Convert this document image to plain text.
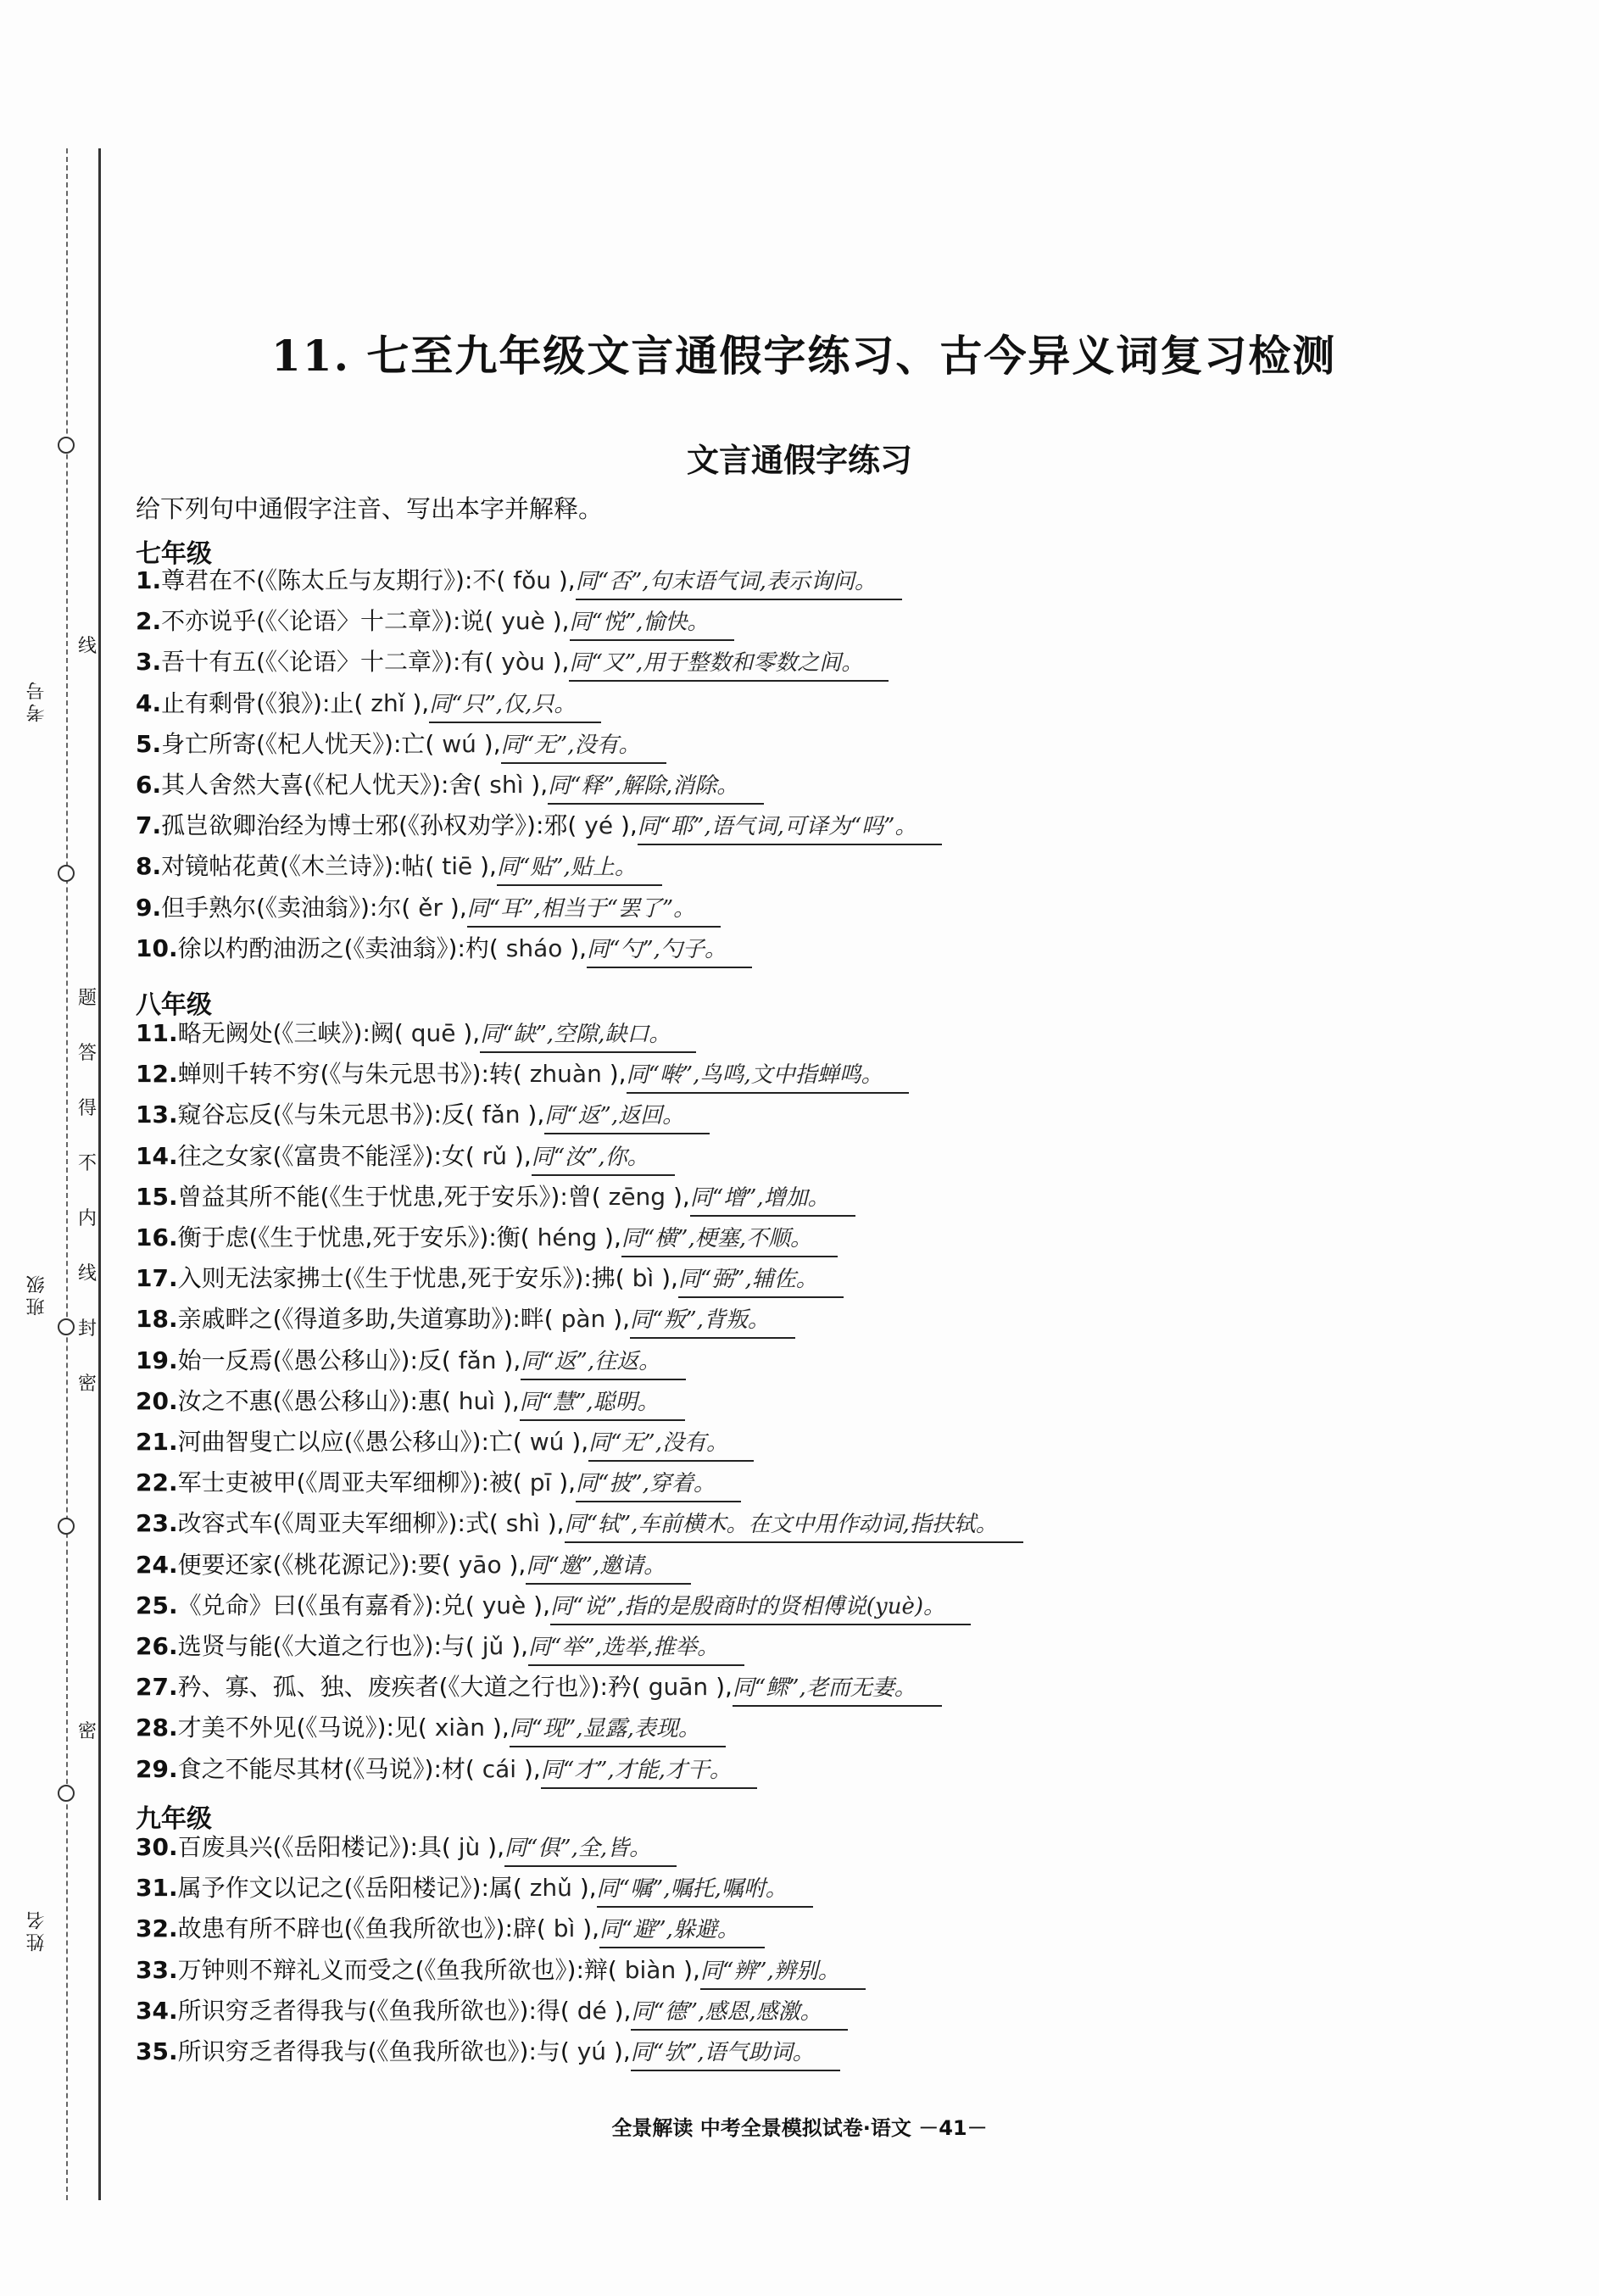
考号
班级
姓名
线
题
答
得
不
内
线
封
密
密
11. 七至九年级文言通假字练习、古今异义词复习检测
文言通假字练习
给下列句中通假字注音、写出本字并解释。
七年级
八年级
九年级
1.尊君在不(《陈太丘与友期行》):不( fǒu ),同“否”,句末语气词,表示询问。
2.不亦说乎(《〈论语〉十二章》):说( yuè ),同“悦”,愉快。
3.吾十有五(《〈论语〉十二章》):有( yòu ),同“又”,用于整数和零数之间。
4.止有剩骨(《狼》):止( zhǐ ),同“只”,仅,只。
5.身亡所寄(《杞人忧天》):亡( wú ),同“无”,没有。
6.其人舍然大喜(《杞人忧天》):舍( shì ),同“释”,解除,消除。
7.孤岂欲卿治经为博士邪(《孙权劝学》):邪( yé ),同“耶”,语气词,可译为“吗”。
8.对镜帖花黄(《木兰诗》):帖( tiē ),同“贴”,贴上。
9.但手熟尔(《卖油翁》):尔( ěr ),同“耳”,相当于“罢了”。
10.徐以杓酌油沥之(《卖油翁》):杓( sháo ),同“勺”,勺子。
11.略无阙处(《三峡》):阙( quē ),同“缺”,空隙,缺口。
12.蝉则千转不穷(《与朱元思书》):转( zhuàn ),同“啭”,鸟鸣,文中指蝉鸣。
13.窥谷忘反(《与朱元思书》):反( fǎn ),同“返”,返回。
14.往之女家(《富贵不能淫》):女( rǔ ),同“汝”,你。
15.曾益其所不能(《生于忧患,死于安乐》):曾( zēng ),同“增”,增加。
16.衡于虑(《生于忧患,死于安乐》):衡( héng ),同“横”,梗塞,不顺。
17.入则无法家拂士(《生于忧患,死于安乐》):拂( bì ),同“弼”,辅佐。
18.亲戚畔之(《得道多助,失道寡助》):畔( pàn ),同“叛”,背叛。
19.始一反焉(《愚公移山》):反( fǎn ),同“返”,往返。
20.汝之不惠(《愚公移山》):惠( huì ),同“慧”,聪明。
21.河曲智叟亡以应(《愚公移山》):亡( wú ),同“无”,没有。
22.军士吏被甲(《周亚夫军细柳》):被( pī ),同“披”,穿着。
23.改容式车(《周亚夫军细柳》):式( shì ),同“轼”,车前横木。在文中用作动词,指扶轼。
24.便要还家(《桃花源记》):要( yāo ),同“邀”,邀请。
25.《兑命》曰(《虽有嘉肴》):兑( yuè ),同“说”,指的是殷商时的贤相傅说(yuè)。
26.选贤与能(《大道之行也》):与( jǔ ),同“举”,选举,推举。
27.矜、寡、孤、独、废疾者(《大道之行也》):矜( guān ),同“鳏”,老而无妻。
28.才美不外见(《马说》):见( xiàn ),同“现”,显露,表现。
29.食之不能尽其材(《马说》):材( cái ),同“才”,才能,才干。
30.百废具兴(《岳阳楼记》):具( jù ),同“俱”,全,皆。
31.属予作文以记之(《岳阳楼记》):属( zhǔ ),同“嘱”,嘱托,嘱咐。
32.故患有所不辟也(《鱼我所欲也》):辟( bì ),同“避”,躲避。
33.万钟则不辩礼义而受之(《鱼我所欲也》):辩( biàn ),同“辨”,辨别。
34.所识穷乏者得我与(《鱼我所欲也》):得( dé ),同“德”,感恩,感激。
35.所识穷乏者得我与(《鱼我所欲也》):与( yú ),同“欤”,语气助词。
全景解读 中考全景模拟试卷·语文 －41－
